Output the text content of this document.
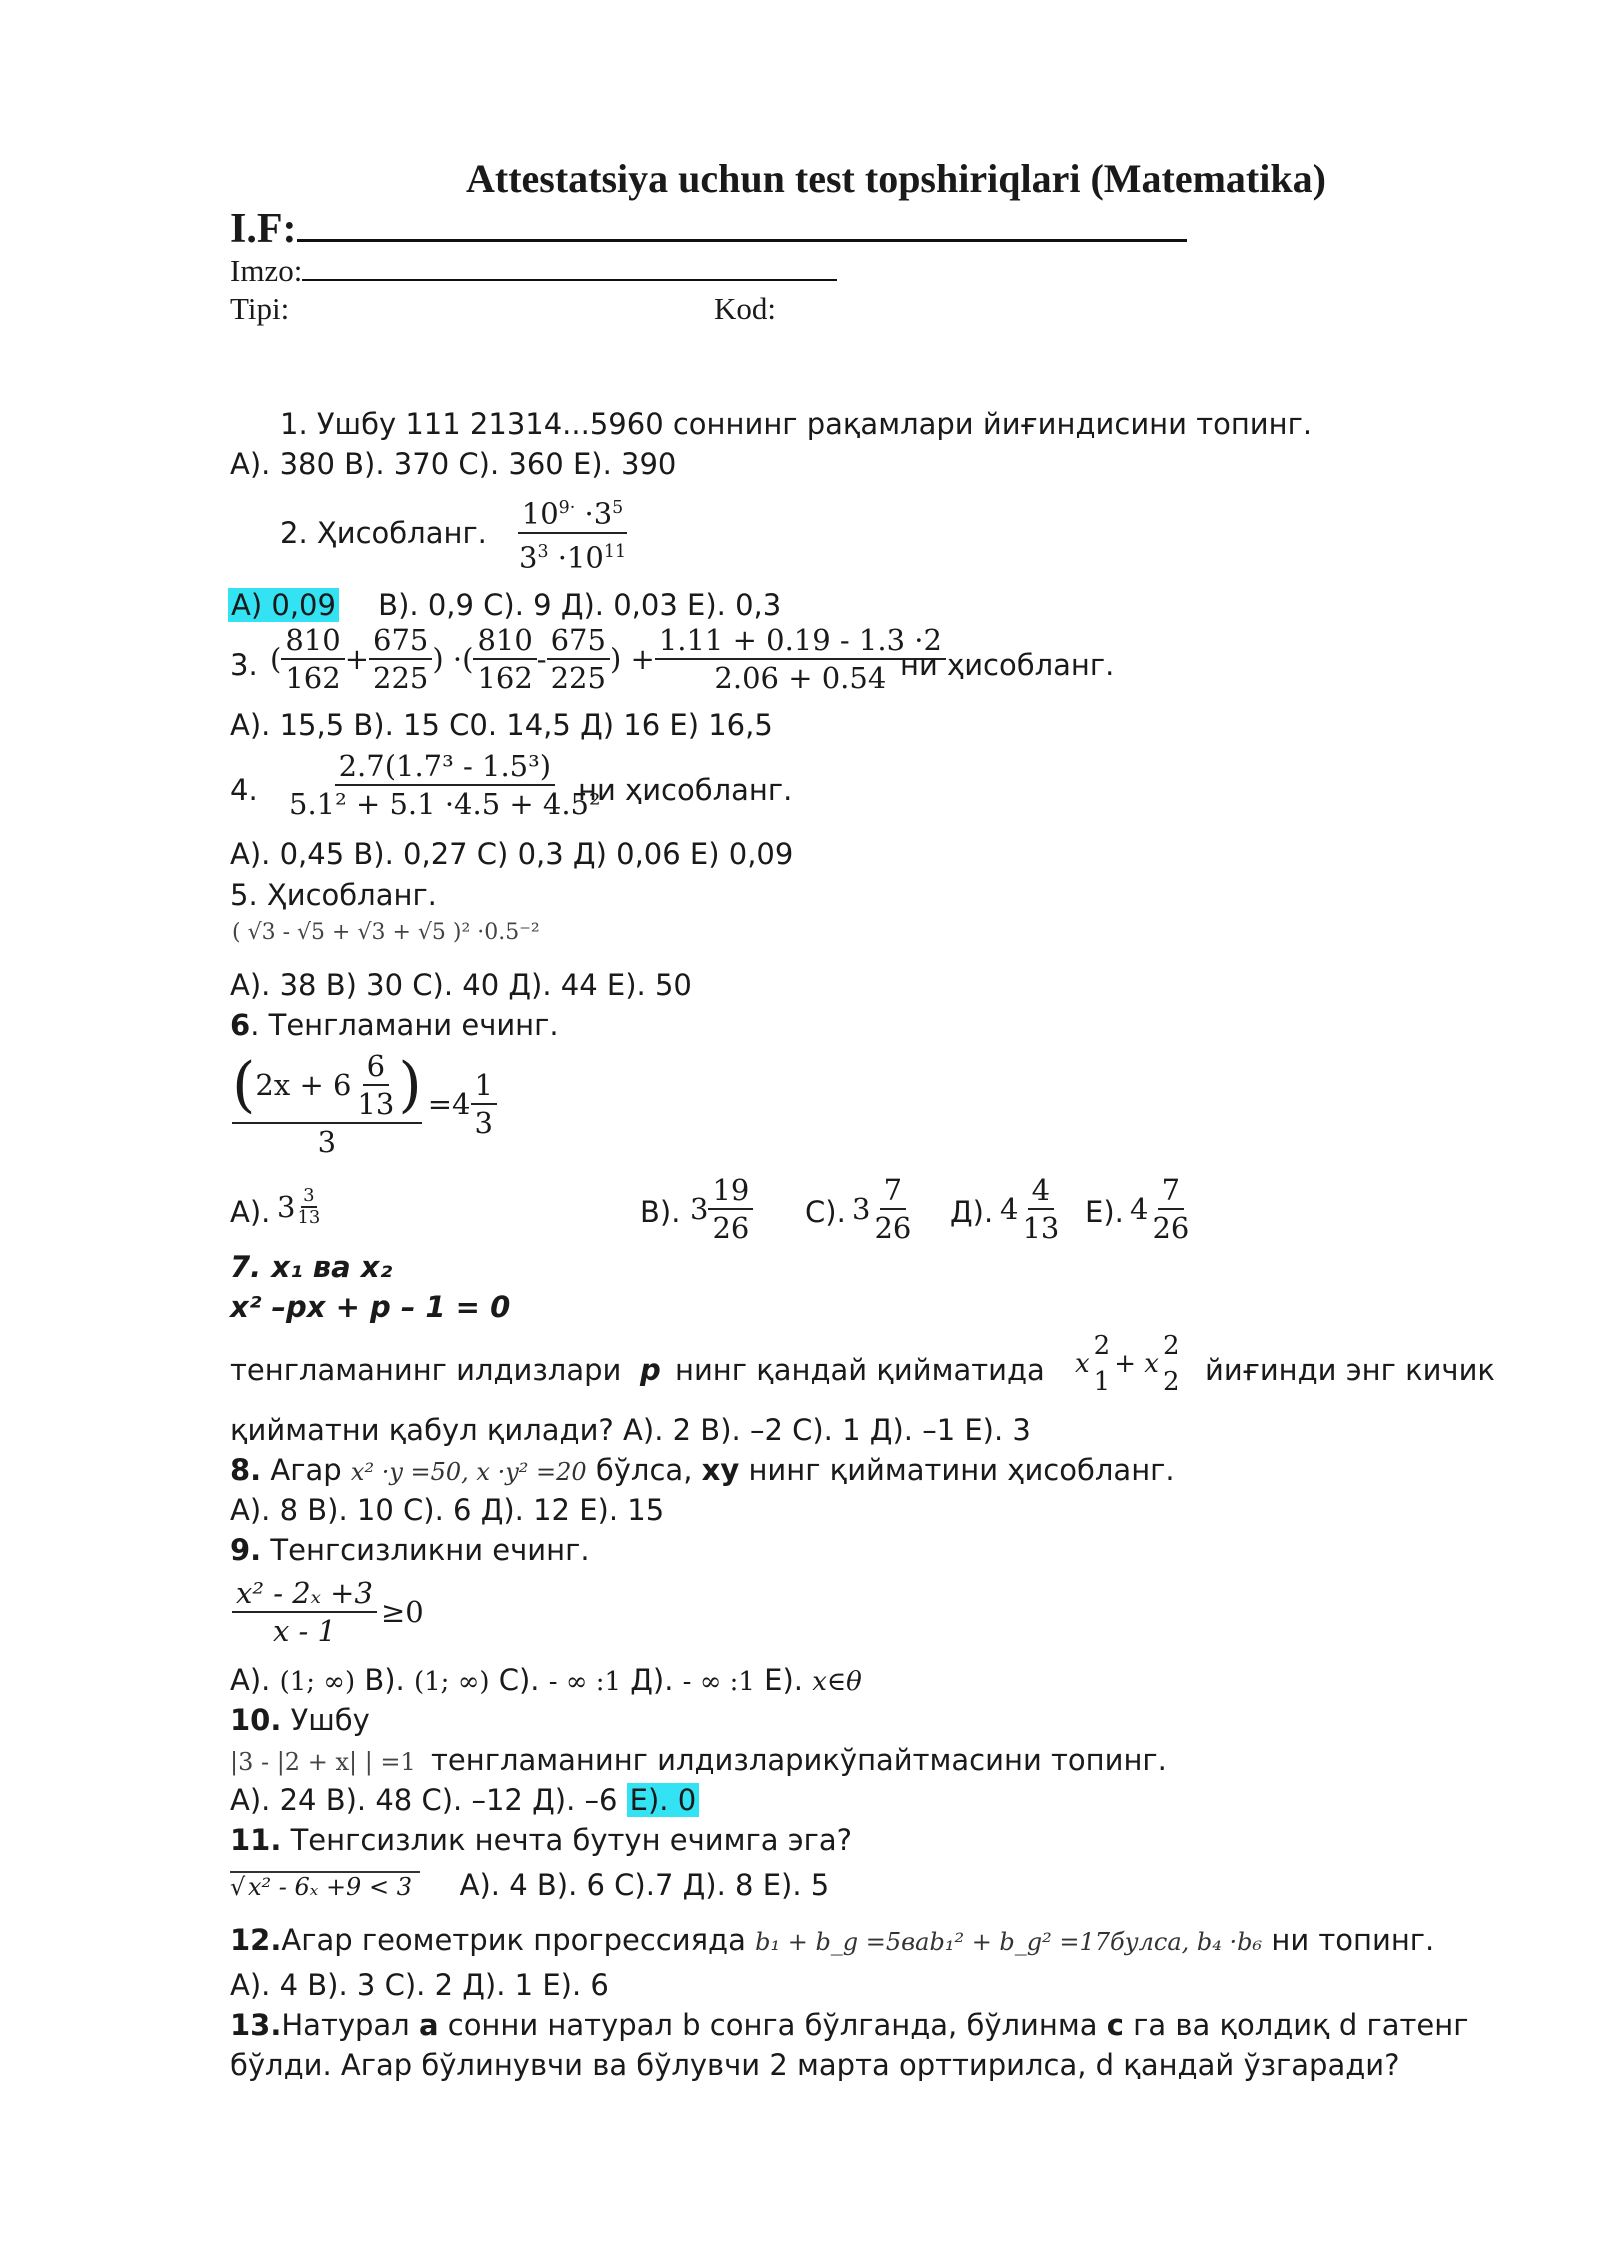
Attestatsiya uchun test topshiriqlari (Matematika)
I.F:
Imzo:
Tipi:	Kod:
1. Ушбу 111 21314...5960 соннинг рақамлари йиғиндисини топинг.
A). 380 B). 370 C). 360 E). 390
2. Ҳисобланг. $\frac{10^{9\cdot} \cdot 3^5}{3^3 \cdot 10^{11}}$
A) 0,09 B). 0,9 C). 9 Д). 0,03 E). 0,3
3. ( $\frac{810}{162} + \frac{675}{225}$ ) ·( $\frac{810}{162} - \frac{675}{225}$ ) + $\frac{1.11 + 0.19 - 1.3 \cdot 2}{2.06 + 0.54}$
ни ҳисобланг.
A). 15,5 B). 15 C0. 14,5 Д) 16 E) 16,5
4. $\frac{\text{2.7(1.7³ - 1.5³)}}{\text{5.1² + 5.1 ·4.5 + 4.5²}}$
ни ҳисобланг.
A). 0,45 B). 0,27 C) 0,3 Д) 0,06 E) 0,09
5. Ҳисобланг.
( √3 - √5 + √3 + √5 )² ·0.5⁻²
A). 38 B) 30 C). 40 Д). 44 E). 50
6. Тенгламани ечинг.
$\frac{( 2x + 6 \frac{6}{13} )}{3} =4 \frac{1}{3}$
A). $3 \frac{3}{13}$	B). $3 \frac{19}{26} C$). $3 \frac{7}{26} Д$). $4 \frac{4}{13} E$). $4 \frac{7}{26}$
7. x₁ ва x₂
x² –px + p – 1 = 0
тенгламанинг илдизлари p нинг қандай қийматида x
2
1
+ x
2
2 йиғинди энг кичик
қийматни қабул қилади? A). 2 B). –2 C). 1 Д). –1 E). 3
8. Агар x² ·y =50, x ·y² =20 бўлса, xy нинг қийматини ҳисобланг.
A). 8 B). 10 C). 6 Д). 12 E). 15
9. Тенгсизликни ечинг.
$\frac{\text{x² - 2ₓ +3}}{x - 1} \ge 0$
A). (1; ∞) B). (1; ∞) C). - ∞ :1 Д). - ∞ :1 E). x∈θ
10. Ушбу
|3 - |2 + x| | =1 тенгламанинг илдизларикўпайтмасини топинг.
A). 24 B). 48 C). –12 Д). –6 E). 0
11. Тенгсизлик нечта бутун ечимга эга?
√ x² - 6ₓ +9 < 3 A). 4 B). 6 C).7 Д). 8 E). 5
12.Агар геометрик прогрессияда b₁ + b_g =5ваb₁² + b_g² =17булса, b₄ ·b₆ ни топинг.
A). 4 B). 3 C). 2 Д). 1 E). 6
13.Натурал a сонни натурал b сонга бўлганда, бўлинма c га ва қолдиқ d гатенг
бўлди. Агар бўлинувчи ва бўлувчи 2 марта орттирилса, d қандай ўзгаради?
